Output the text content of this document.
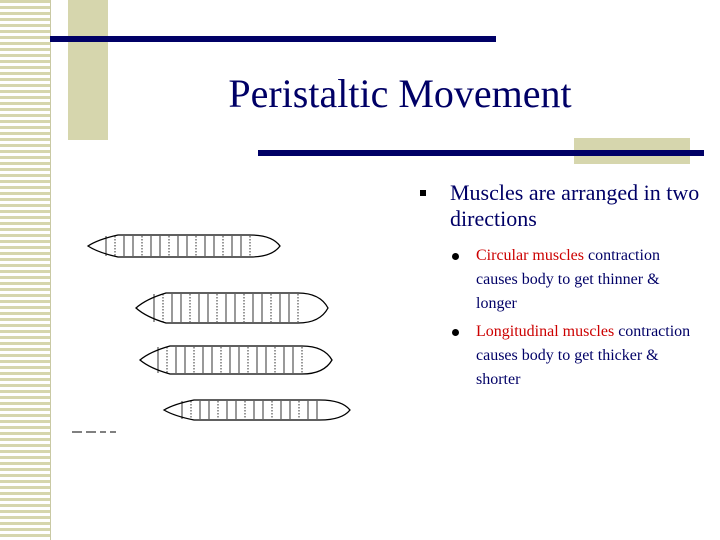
Peristaltic Movement
Muscles are arranged in two directions
Circular muscles contraction causes body to get thinner & longer
Longitudinal muscles contraction causes body to get thicker & shorter
